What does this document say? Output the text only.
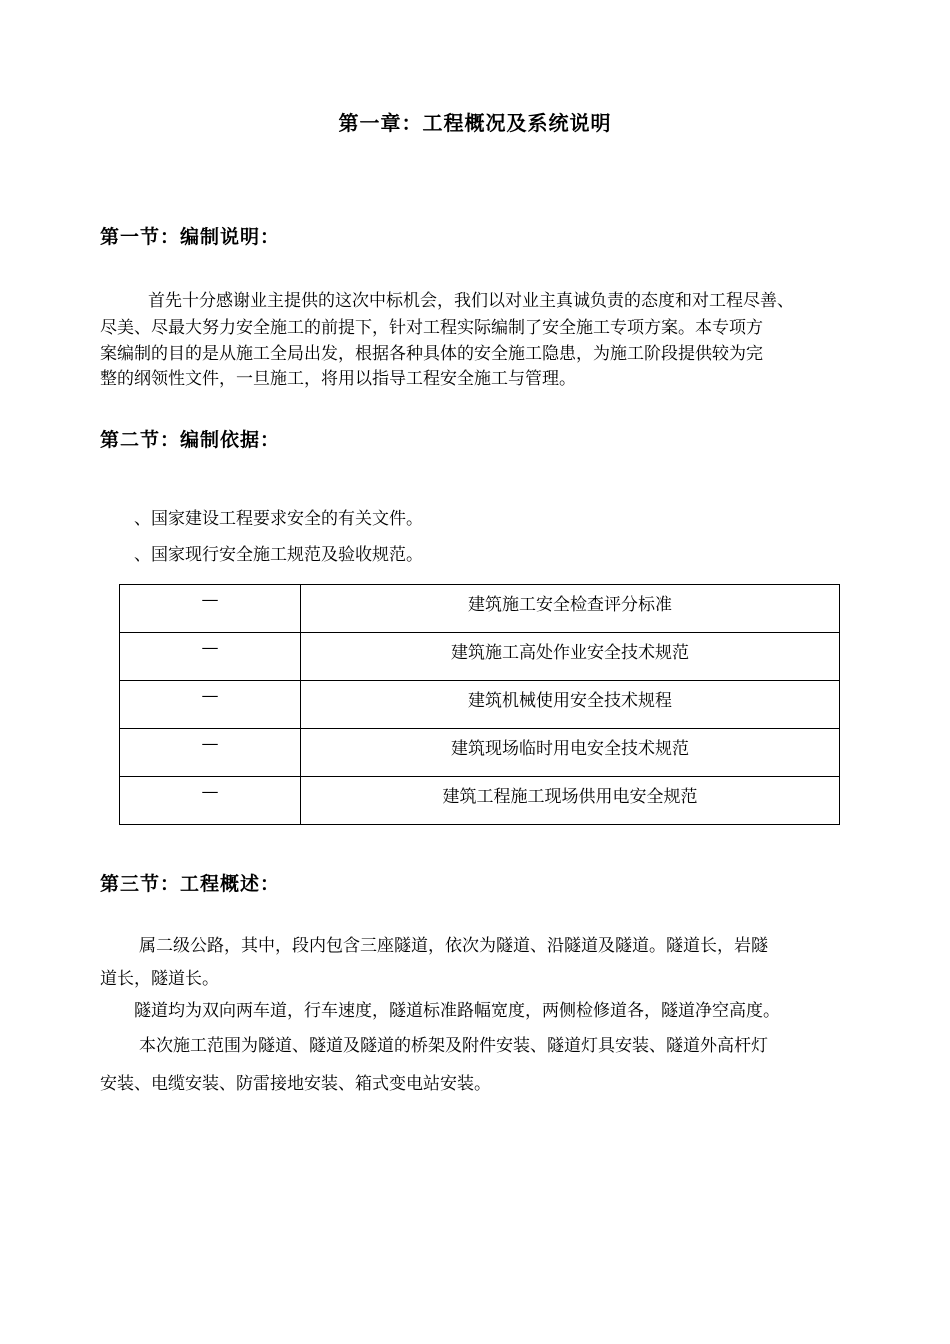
第一章：工程概况及系统说明
第一节：编制说明：
首先十分感谢业主提供的这次中标机会，我们以对业主真诚负责的态度和对工程尽善、
尽美、尽最大努力安全施工的前提下，针对工程实际编制了安全施工专项方案。本专项方
案编制的目的是从施工全局出发，根据各种具体的安全施工隐患，为施工阶段提供较为完
整的纲领性文件，一旦施工，将用以指导工程安全施工与管理。
第二节：编制依据：
、国家建设工程要求安全的有关文件。
、国家现行安全施工规范及验收规范。
—	建筑施工安全检查评分标准
—	建筑施工高处作业安全技术规范
—	建筑机械使用安全技术规程
—	建筑现场临时用电安全技术规范
—	建筑工程施工现场供用电安全规范
第三节：工程概述：
属二级公路，其中，段内包含三座隧道，依次为隧道、沿隧道及隧道。隧道长，岩隧
道长，隧道长。
隧道均为双向两车道，行车速度，隧道标准路幅宽度，两侧检修道各，隧道净空高度。
本次施工范围为隧道、隧道及隧道的桥架及附件安装、隧道灯具安装、隧道外高杆灯
安装、电缆安装、防雷接地安装、箱式变电站安装。
